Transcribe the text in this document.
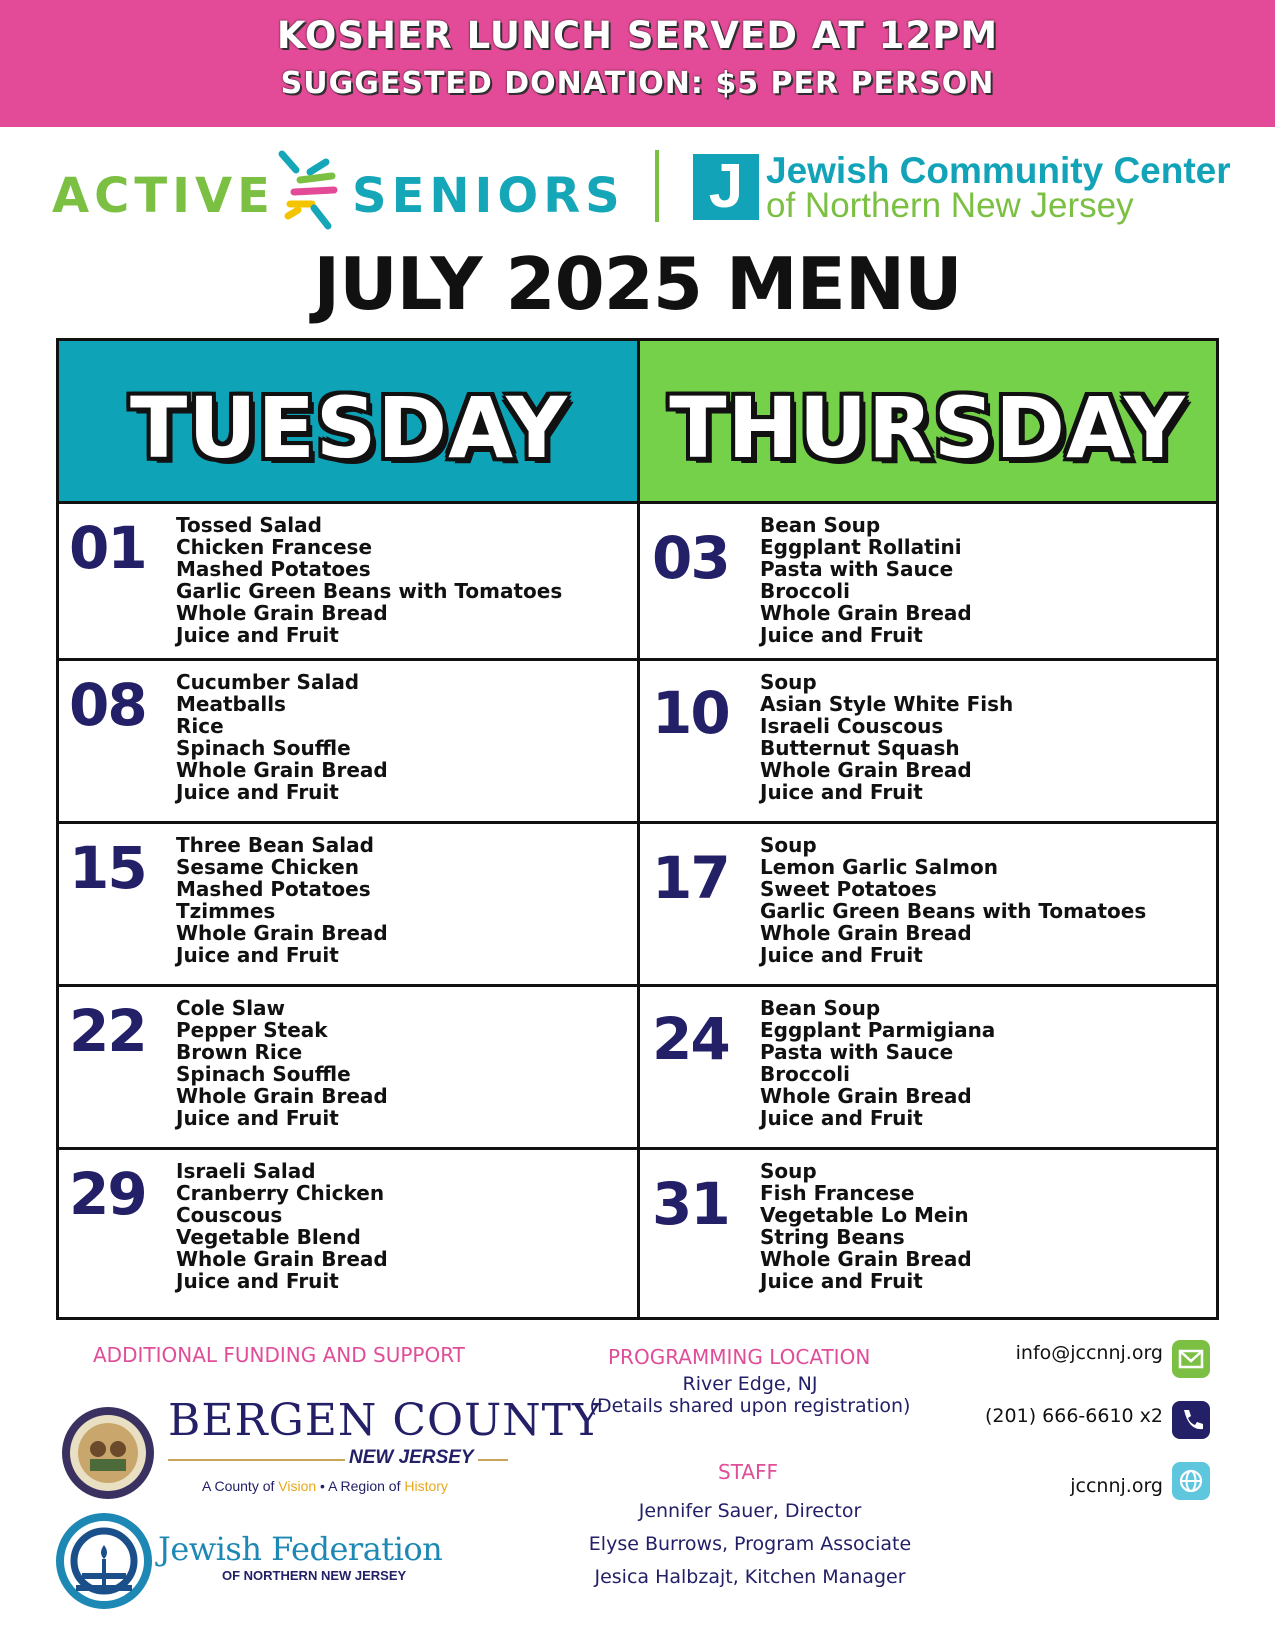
KOSHER LUNCH SERVED AT 12PM
SUGGESTED DONATION: $5 PER PERSON
ACTIVE SENIORS J Jewish Community Center
of Northern New Jersey
JULY 2025 MENU
TUESDAY	THURSDAY
01 Tossed Salad
Chicken Francese
Mashed Potatoes
Garlic Green Beans with Tomatoes
Whole Grain Bread
Juice and Fruit
03 Bean Soup
Eggplant Rollatini
Pasta with Sauce
Broccoli
Whole Grain Bread
Juice and Fruit
08 Cucumber Salad
Meatballs
Rice
Spinach Souffle
Whole Grain Bread
Juice and Fruit
10 Soup
Asian Style White Fish
Israeli Couscous
Butternut Squash
Whole Grain Bread
Juice and Fruit
15 Three Bean Salad
Sesame Chicken
Mashed Potatoes
Tzimmes
Whole Grain Bread
Juice and Fruit
17 Soup
Lemon Garlic Salmon
Sweet Potatoes
Garlic Green Beans with Tomatoes
Whole Grain Bread
Juice and Fruit
22 Cole Slaw
Pepper Steak
Brown Rice
Spinach Souffle
Whole Grain Bread
Juice and Fruit
24 Bean Soup
Eggplant Parmigiana
Pasta with Sauce
Broccoli
Whole Grain Bread
Juice and Fruit
29 Israeli Salad
Cranberry Chicken
Couscous
Vegetable Blend
Whole Grain Bread
Juice and Fruit
31 Soup
Fish Francese
Vegetable Lo Mein
String Beans
Whole Grain Bread
Juice and Fruit
ADDITIONAL FUNDING AND SUPPORT
BERGEN COUNTY
NEW JERSEY
A County of Vision • A Region of History
Jewish Federation
OF NORTHERN NEW JERSEY
PROGRAMMING LOCATION
River Edge, NJ
(Details shared upon registration)
STAFF
Jennifer Sauer, Director
Elyse Burrows, Program Associate
Jesica Halbzajt, Kitchen Manager
info@jccnnj.org
(201) 666-6610 x2
jccnnj.org
